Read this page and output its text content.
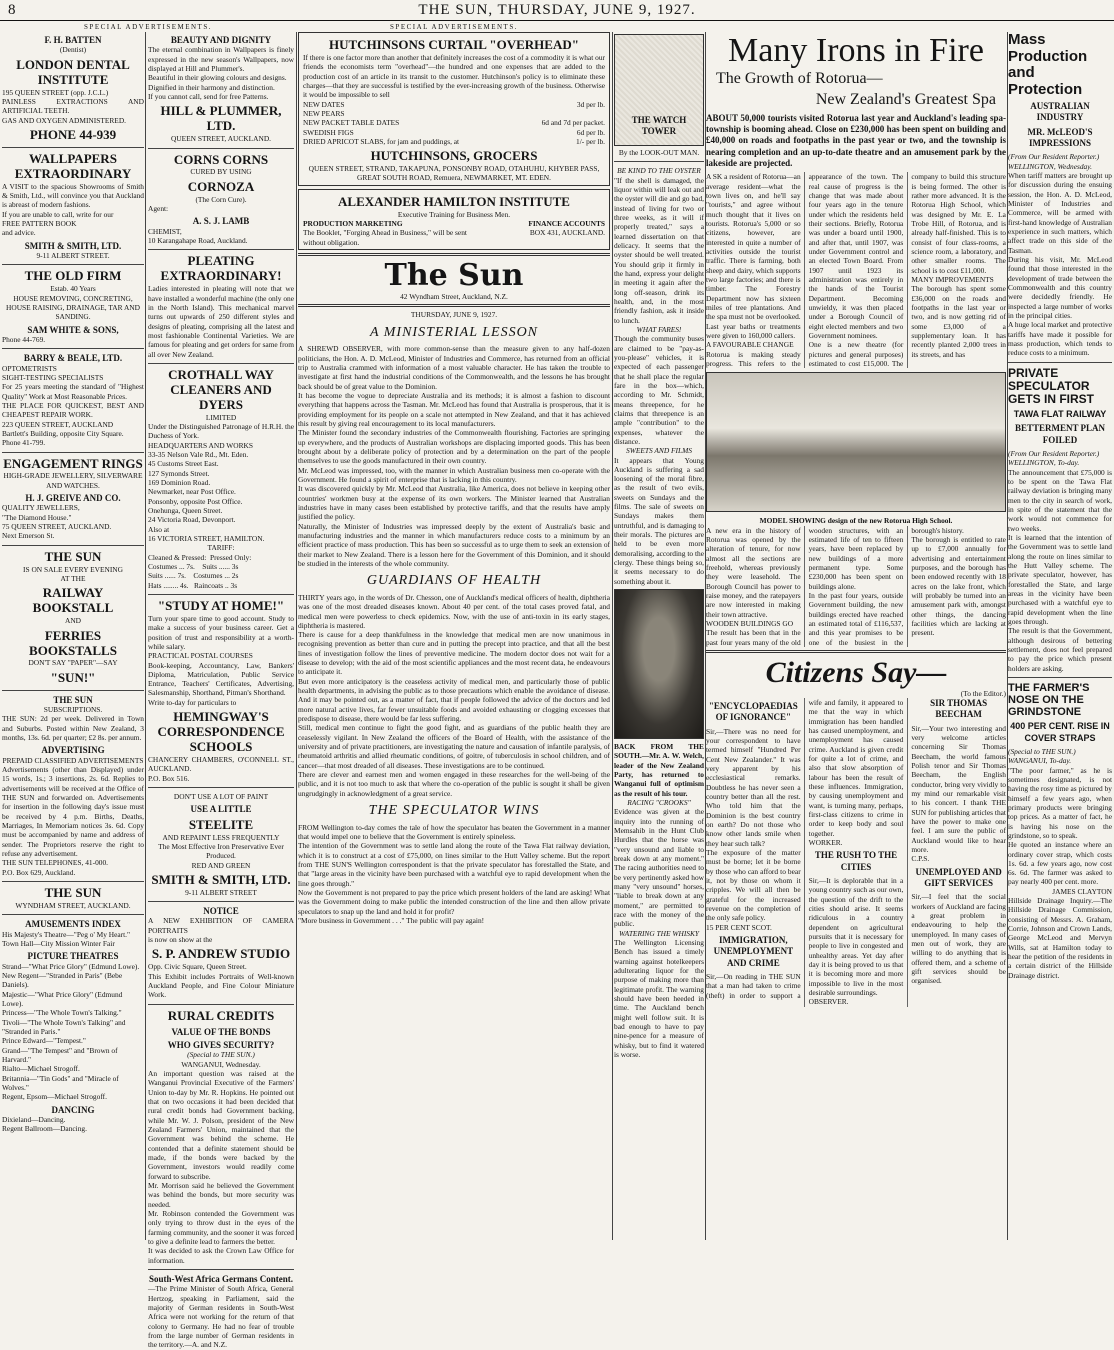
8	THE SUN, THURSDAY, JUNE 9, 1927.
SPECIAL ADVERTISEMENTS.	SPECIAL ADVERTISEMENTS.
F. H. BATTEN
(Dentist)
LONDON DENTAL INSTITUTE
195 QUEEN STREET (opp. J.C.L.)
PAINLESS EXTRACTIONS AND ARTIFICIAL TEETH.
GAS AND OXYGEN ADMINISTERED.
PHONE 44-939
WALLPAPERS EXTRAORDINARY
A VISIT to the spacious Showrooms of Smith & Smith, Ltd., will convince you that Auckland is abreast of modern fashions.
If you are unable to call, write for our
FREE PATTERN BOOK
and advice.
SMITH & SMITH, LTD.
9-11 ALBERT STREET.
THE OLD FIRM
Estab. 40 Years
HOUSE REMOVING, CONCRETING, HOUSE RAISING, DRAINAGE, TAR AND SANDING.
SAM WHITE & SONS,
Phone 44-769.
BARRY & BEALE, LTD.
OPTOMETRISTS
SIGHT-TESTING SPECIALISTS
For 25 years meeting the standard of "Highest Quality" Work at Most Reasonable Prices.
THE PLACE FOR QUICKEST, BEST AND CHEAPEST REPAIR WORK.
223 QUEEN STREET, AUCKLAND
Bartlett's Building, opposite City Square.
Phone 41-799.
ENGAGEMENT RINGS
HIGH-GRADE JEWELLERY, SILVERWARE AND WATCHES.
H. J. GREIVE AND CO.
QUALITY JEWELLERS,
"The Diamond House."
75 QUEEN STREET, AUCKLAND.
Next Emerson St.
THE SUN
IS ON SALE EVERY EVENING
AT THE
RAILWAY BOOKSTALL
AND
FERRIES BOOKSTALLS
DON'T SAY "PAPER"—SAY
"SUN!"
THE SUN
SUBSCRIPTIONS.
THE SUN: 2d per week. Delivered in Town and Suburbs. Posted within New Zealand, 3 months, 13s. 6d. per quarter; £2 8s. per annum.
ADVERTISING
PREPAID CLASSIFIED ADVERTISEMENTS
Advertisements (other than Displayed) under 15 words, 1s.; 3 insertions, 2s. 6d. Replies to advertisements will be received at the Office of THE SUN and forwarded on. Advertisements for insertion in the following day's issue must be received by 4 p.m. Births, Deaths, Marriages, In Memoriam notices 3s. 6d. Copy must be accompanied by name and address of sender. The Proprietors reserve the right to refuse any advertisement.
THE SUN TELEPHONES, 41-000.
P.O. Box 629, Auckland.
THE SUN
WYNDHAM STREET, AUCKLAND.
AMUSEMENTS INDEX
His Majesty's Theatre—"Peg o' My Heart."
Town Hall—City Mission Winter Fair
PICTURE THEATRES
Strand—"What Price Glory" (Edmund Lowe).
New Regent—"Stranded in Paris" (Bebe Daniels).
Majestic—"What Price Glory" (Edmund Lowe).
Princess—"The Whole Town's Talking."
Tivoli—"The Whole Town's Talking" and "Stranded in Paris."
Prince Edward—"Tempest."
Grand—"The Tempest" and "Brown of Harvard."
Rialto—Michael Strogoff.
Britannia—"Tin Gods" and "Miracle of Wolves."
Regent, Epsom—Michael Strogoff.
DANCING
Dixieland—Dancing.
Regent Ballroom—Dancing.
BEAUTY AND DIGNITY
The eternal combination in Wallpapers is finely expressed in the new season's Wallpapers, now displayed at Hill and Plummer's.
Beautiful in their glowing colours and designs.
Dignified in their harmony and distinction.
If you cannot call, send for free Patterns.
HILL & PLUMMER, LTD.
QUEEN STREET, AUCKLAND.
CORNS CORNS
CURED BY USING
CORNOZA
(The Corn Cure).
Agent:
A. S. J. LAMB
CHEMIST,
10 Karangahape Road, Auckland.
PLEATING EXTRAORDINARY!
Ladies interested in pleating will note that we have installed a wonderful machine (the only one in the North Island). This mechanical marvel turns out upwards of 250 different styles and designs of pleating, comprising all the latest and most fashionable Continental Varieties. We are famous for pleating and get orders for same from all over New Zealand.
CROTHALL WAY CLEANERS AND DYERS
LIMITED
Under the Distinguished Patronage of H.R.H. the Duchess of York.
HEADQUARTERS AND WORKS
33-35 Nelson Vale Rd., Mt. Eden.
45 Customs Street East.
127 Symonds Street.
169 Dominion Road.
Newmarket, near Post Office.
Ponsonby, opposite Post Office.
Onehunga, Queen Street.
24 Victoria Road, Devonport.
Also at
16 VICTORIA STREET, HAMILTON.
TARIFF:
Cleaned & Pressed:  Pressed Only:
Costumes ... 7s.    Suits ...... 3s
Suits ...... 7s.    Costumes ... 2s
Hats ........ 4s.   Raincoats .. 3s
"STUDY AT HOME!"
Turn your spare time to good account. Study to make a success of your business career. Get a position of trust and responsibility at a worth-while salary.
PRACTICAL POSTAL COURSES
Book-keeping, Accountancy, Law, Bankers' Diploma, Matriculation, Public Service Entrance, Teachers' Certificates, Advertising, Salesmanship, Shorthand, Pitman's Shorthand.
Write to-day for particulars to
HEMINGWAY'S CORRESPONDENCE SCHOOLS
CHANCERY CHAMBERS, O'CONNELL ST., AUCKLAND.
P.O. Box 516.
DON'T USE A LOT OF PAINT
USE A LITTLE
STEELITE
AND REPAINT LESS FREQUENTLY
The Most Effective Iron Preservative Ever Produced.
RED AND GREEN
SMITH & SMITH, LTD.
9-11 ALBERT STREET
NOTICE
A NEW EXHIBITION OF CAMERA PORTRAITS
is now on show at the
S. P. ANDREW STUDIO
Opp. Civic Square, Queen Street.
This Exhibit includes Portraits of Well-known Auckland People, and Fine Colour Miniature Work.
RURAL CREDITS
VALUE OF THE BONDS
WHO GIVES SECURITY?
(Special to THE SUN.)
WANGANUI, Wednesday.
An important question was raised at the Wanganui Provincial Executive of the Farmers' Union to-day by Mr. R. Hopkins. He pointed out that on two occasions it had been decided that rural credit bonds had Government backing, while Mr. W. J. Polson, president of the New Zealand Farmers' Union, maintained that the Government was behind the scheme. He contended that a definite statement should be made, if the bonds were backed by the Government, investors would readily come forward to subscribe.
Mr. Morrison said he believed the Government was behind the bonds, but more security was needed.
Mr. Robinson contended the Government was only trying to throw dust in the eyes of the farming community, and the sooner it was forced to give a definite lead to farmers the better.
It was decided to ask the Crown Law Office for information.
South-West Africa Germans Content.
—The Prime Minister of South Africa, General Hertzog, speaking in Parliament, said the majority of German residents in South-West Africa were not working for the return of that colony to Germany. He had no fear of trouble from the large number of German residents in the territory.—A. and N.Z.
HUTCHINSONS CURTAIL "OVERHEAD"
If there is one factor more than another that definitely increases the cost of a commodity it is what our friends the economists term "overhead"—the hundred and one expenses that are added to the production cost of an article in its transit to the customer. Hutchinson's policy is to eliminate these charges—that they are successful is testified by the ever-increasing growth of the business. Otherwise it would be impossible to sell
NEW DATES	3d per lb.
NEW PEARS
NEW PACKET TABLE DATES	6d and 7d per packet.
SWEDISH FIGS	6d per lb.
DRIED APRICOT SLABS, for jam and puddings, at	1/- per lb.
HUTCHINSONS, GROCERS
QUEEN STREET, STRAND, TAKAPUNA, PONSONBY ROAD, OTAHUHU, KHYBER PASS, GREAT SOUTH ROAD, Remuera, NEWMARKET, MT. EDEN.
ALEXANDER HAMILTON INSTITUTE
Executive Training for Business Men.
PRODUCTION MARKETING	FINANCE ACCOUNTS
The Booklet, "Forging Ahead in Business," will be sent without obligation.
BOX 431, AUCKLAND.
The Sun
42 Wyndham Street, Auckland, N.Z.
THURSDAY, JUNE 9, 1927.
A MINISTERIAL LESSON
A SHREWD OBSERVER, with more common-sense than the measure given to any half-dozen politicians, the Hon. A. D. McLeod, Minister of Industries and Commerce, has returned from an official trip to Australia crammed with information of a most valuable character. He has taken the trouble to investigate at first hand the industrial conditions of the Commonwealth, and the lessons he has brought back should be of great value to the Dominion.
It has become the vogue to depreciate Australia and its methods; it is almost a fashion to discount everything that happens across the Tasman. Mr. McLeod has found that Australia is prosperous, that it is providing employment for its people on a scale not attempted in New Zealand, and that it has achieved this result by giving real encouragement to its local manufacturers.
The Minister found the secondary industries of the Commonwealth flourishing. Factories are springing up everywhere, and the products of Australian workshops are displacing imported goods. This has been brought about by a deliberate policy of protection and by a determination on the part of the people themselves to use the goods manufactured in their own country.
Mr. McLeod was impressed, too, with the manner in which Australian business men co-operate with the Government. He found a spirit of enterprise that is lacking in this country.
It was discovered quickly by Mr. McLeod that Australia, like America, does not believe in keeping other countries' workmen busy at the expense of its own workers. The Minister learned that Australian industries have in many cases been established by protective tariffs, and that the results have amply justified the policy.
Naturally, the Minister of Industries was impressed deeply by the extent of Australia's basic and manufacturing industries and the manner in which manufacturers reduce costs to a minimum by an efficient practice of mass production. This has been so successful as to urge them to seek an extension of their market to New Zealand. There is a lesson here for the Government of this Dominion, and it should be studied in the interests of the whole community.
GUARDIANS OF HEALTH
THIRTY years ago, in the words of Dr. Chesson, one of Auckland's medical officers of health, diphtheria was one of the most dreaded diseases known. About 40 per cent. of the total cases proved fatal, and medical men were powerless to check epidemics. Now, with the use of anti-toxin in its early stages, diphtheria is mastered.
There is cause for a deep thankfulness in the knowledge that medical men are now unanimous in recognising prevention as better than cure and in putting the precept into practice, and that all the best lines of investigation follow the lines of preventive medicine. The modern doctor does not wait for a disease to develop; with the aid of the most scientific appliances and the most recent data, he endeavours to anticipate it.
But even more anticipatory is the ceaseless activity of medical men, and particularly those of public health departments, in advising the public as to those precautions which enable the avoidance of disease. And it may be pointed out, as a matter of fact, that if people followed the advice of the doctors and led more natural active lives, far fewer unsuitable foods and avoided exhausting or clogging excesses that predispose to disease, there would be far less suffering.
Still, medical men continue to fight the good fight, and as guardians of the public health they are ceaselessly vigilant. In New Zealand the officers of the Board of Health, with the assistance of the university and of private practitioners, are investigating the nature and causation of infantile paralysis, of rheumatoid arthritis and allied rheumatic conditions, of goitre, of tuberculosis in school children, and of cancer—that most dreaded of all diseases. These investigations are to be continued.
There are clever and earnest men and women engaged in these researches for the well-being of the public, and it is not too much to ask that where the co-operation of the public is sought it shall be given ungrudgingly in acknowledgment of a great service.
THE SPECULATOR WINS
FROM Wellington to-day comes the tale of how the speculator has beaten the Government in a manner that would impel one to believe that the Government is entirely spineless.
The intention of the Government was to settle land along the route of the Tawa Flat railway deviation, which it is to construct at a cost of £75,000, on lines similar to the Hutt Valley scheme. But the report from THE SUN'S Wellington correspondent is that the private speculator has forestalled the State, and that "large areas in the vicinity have been purchased with a watchful eye to rapid development when the line goes through."
Now the Government is not prepared to pay the price which present holders of the land are asking! What was the Government doing to make public the intended construction of the line and then allow private speculators to snap up the land and hold it for profit?
"More business in Government . . ." The public will pay again!
THE WATCH TOWER
By the LOOK-OUT MAN.
BE KIND TO THE OYSTER
"If the shell is damaged, the liquor within will leak out and the oyster will die and go bad, instead of living for two or three weeks, as it will if properly treated," says a learned dissertation on that delicacy. It seems that the oyster should be well treated. You should grip it firmly in the hand, express your delight in meeting it again after the long off-season, drink its health, and, in the most friendly fashion, ask it inside to lunch.
WHAT FARES!
Though the community buses are claimed to be "pay-as-you-please" vehicles, it is expected of each passenger that he shall place the regular fare in the box—which, according to Mr. Schmidt, means threepence, for he claims that threepence is an ample "contribution" to the expenses, whatever the distance.
SWEETS AND FILMS
It appears that Young Auckland is suffering a sad loosening of the moral fibre, as the result of two evils, sweets on Sundays and the films. The sale of sweets on Sundays makes them untruthful, and is damaging to their morals. The pictures are held to be even more demoralising, according to the clergy. These things being so, it seems necessary to do something about it.
BACK FROM THE SOUTH.—Mr. A. W. Welch, leader of the New Zealand Party, has returned to Wanganui full of optimism as the result of his tour.
RACING "CROOKS"
Evidence was given at the inquiry into the running of Memsahib in the Hunt Club Hurdles that the horse was "very unsound and liable to break down at any moment." The racing authorities need to be very pertinently asked how many "very unsound" horses, "liable to break down at any moment," are permitted to race with the money of the public.
WATERING THE WHISKY
The Wellington Licensing Bench has issued a timely warning against hotelkeepers adulterating liquor for the purpose of making more than legitimate profit. The warning should have been heeded in time. The Auckland bench might well follow suit. It is bad enough to have to pay nine-pence for a measure of whisky, but to find it watered is worse.
Many Irons in Fire
The Growth of Rotorua—
New Zealand's Greatest Spa
ABOUT 50,000 tourists visited Rotorua last year and Auckland's leading spa-township is booming ahead. Close on £230,000 has been spent on building and £40,000 on roads and footpaths in the past year or two, and the township is nearing completion and an up-to-date theatre and an amusement park by the lakeside are projected.
A SK a resident of Rotorua—an average resident—what the town lives on, and he'll say "tourists," and agree without much thought that it lives on tourists. Rotorua's 5,000 or so citizens, however, are interested in quite a number of activities outside the tourist traffic. There is farming, both sheep and dairy, which supports two large factories; and there is timber. The Forestry Department now has sixteen miles of tree plantations. And the spa must not be overlooked. Last year baths or treatments were given to 160,000 callers.
A FAVOURABLE CHANGE
Rotorua is making steady progress. This refers to the appearance of the town. The real cause of progress is the change that was made about four years ago in the tenure under which the residents held their sections. Briefly, Rotorua was under a board until 1900, and after that, until 1907, was under Government control and an elected Town Board. From 1907 until 1923 its administration was entirely in the hands of the Tourist Department. Becoming unwieldy, it was then placed under a Borough Council of eight elected members and two Government nominees.
One is a new theatre (for pictures and general purposes) estimated to cost £15,000. The company to build this structure is being formed. The other is rather more advanced. It is the Rotorua High School, which was designed by Mr. E. La Trobe Hill, of Rotorua, and is already half-finished. This is to consist of four class-rooms, a science room, a laboratory, and other smaller rooms. The school is to cost £11,000.
MANY IMPROVEMENTS
The borough has spent some £36,000 on the roads and footpaths in the last year or two, and is now getting rid of some £3,000 of a supplementary loan. It has recently planted 2,000 trees in its streets, and has
MODEL SHOWING design of the new Rotorua High School.
A new era in the history of Rotorua was opened by the alteration of tenure, for now almost all the sections are freehold, whereas previously they were leasehold. The Borough Council has power to raise money, and the ratepayers are now interested in making their town attractive.
WOODEN BUILDINGS GO
The result has been that in the past four years many of the old wooden structures, with an estimated life of ten to fifteen years, have been replaced by new buildings of a more permanent type. Some £230,000 has been spent on buildings alone.
In the past four years, outside Government building, the new buildings erected have reached an estimated total of £116,537, and this year promises to be one of the busiest in the borough's history.
The borough is entitled to rate up to £7,000 annually for advertising and entertainment purposes, and the borough has been endowed recently with 18 acres on the lake front, which will probably be turned into an amusement park with, amongst other things, the dancing facilities which are lacking at present.
Citizens Say—
(To the Editor.)
"ENCYCLOPAEDIAS OF IGNORANCE"
Sir,—There was no need for your correspondent to have termed himself "Hundred Per Cent New Zealander." It was very apparent by his ecclesiastical remarks. Doubtless he has never seen a country better than all the rest. Who told him that the Dominion is the best country on earth? Do not those who know other lands smile when they hear such talk?
The exposure of the matter must be borne; let it be borne by those who can afford to bear it, not by those on whom it cripples. We will all then be grateful for the increased revenue on the completion of the only safe policy.
15 PER CENT SCOT.
IMMIGRATION, UNEMPLOYMENT AND CRIME
Sir,—On reading in THE SUN that a man had taken to crime (theft) in order to support a wife and family, it appeared to me that the way in which immigration has been handled has caused unemployment, and unemployment has caused crime. Auckland is given credit for quite a lot of crime, and also that slow absorption of labour has been the result of these influences. Immigration, by causing unemployment and want, is turning many, perhaps, first-class citizens to crime in order to keep body and soul together.
WORKER.
THE RUSH TO THE CITIES
Sir,—It is deplorable that in a young country such as our own, the question of the drift to the cities should arise. It seems ridiculous in a country dependent on agricultural pursuits that it is necessary for people to live in congested and unhealthy areas. Yet day after day it is being proved to us that it is becoming more and more impossible to live in the most desirable surroundings.
OBSERVER.
SIR THOMAS BEECHAM
Sir,—Your two interesting and very welcome articles concerning Sir Thomas Beecham, the world famous Polish tenor and Sir Thomas Beecham, the English conductor, bring very vividly to my mind our remarkable visit to his concert. I thank THE SUN for publishing articles that have the power to make one feel. I am sure the public of Auckland would like to hear more.
C.P.S.
UNEMPLOYED AND GIFT SERVICES
Sir,—I feel that the social workers of Auckland are facing a great problem in endeavouring to help the unemployed. In many cases of men out of work, they are willing to do anything that is offered them, and a scheme of gift services should be organised.
Mass Production and Protection
AUSTRALIAN INDUSTRY
MR. McLEOD'S IMPRESSIONS
(From Our Resident Reporter.)
WELLINGTON, Wednesday.
When tariff matters are brought up for discussion during the ensuing session, the Hon. A. D. McLeod, Minister of Industries and Commerce, will be armed with first-hand knowledge of Australian experience in such matters, which affect trade on this side of the Tasman.
During his visit, Mr. McLeod found that those interested in the development of trade between the Commonwealth and this country were decidedly friendly. He inspected a large number of works in the principal cities.
A huge local market and protective tariffs have made it possible for mass production, which tends to reduce costs to a minimum.
PRIVATE SPECULATOR GETS IN FIRST
TAWA FLAT RAILWAY
BETTERMENT PLAN FOILED
(From Our Resident Reporter.)
WELLINGTON, To-day.
The announcement that £75,000 is to be spent on the Tawa Flat railway deviation is bringing many men to the city in search of work, in spite of the statement that the work would not commence for two weeks.
It is learned that the intention of the Government was to settle land along the route on lines similar to the Hutt Valley scheme. The private speculator, however, has forestalled the State, and large areas in the vicinity have been purchased with a watchful eye to rapid development when the line goes through.
The result is that the Government, although desirous of bettering settlement, does not feel prepared to pay the price which present holders are asking.
THE FARMER'S NOSE ON THE GRINDSTONE
400 PER CENT. RISE IN COVER STRAPS
(Special to THE SUN.)
WANGANUI, To-day.
"The poor farmer," as he is sometimes designated, is not having the rosy time as pictured by himself a few years ago, when primary products were bringing top prices. As a matter of fact, he is having his nose on the grindstone, so to speak.
He quoted an instance where an ordinary cover strap, which costs 1s. 6d. a few years ago, now cost 6s. 6d. The farmer was asked to pay nearly 400 per cent. more.
JAMES CLAYTON
Hillside Drainage Inquiry.—The Hillside Drainage Commission, consisting of Messrs. A. Graham, Corrie, Johnson and Crown Lands, George McLeod and Mervyn Wills, sat at Hamilton today to hear the petition of the residents in a certain district of the Hillside Drainage district.
